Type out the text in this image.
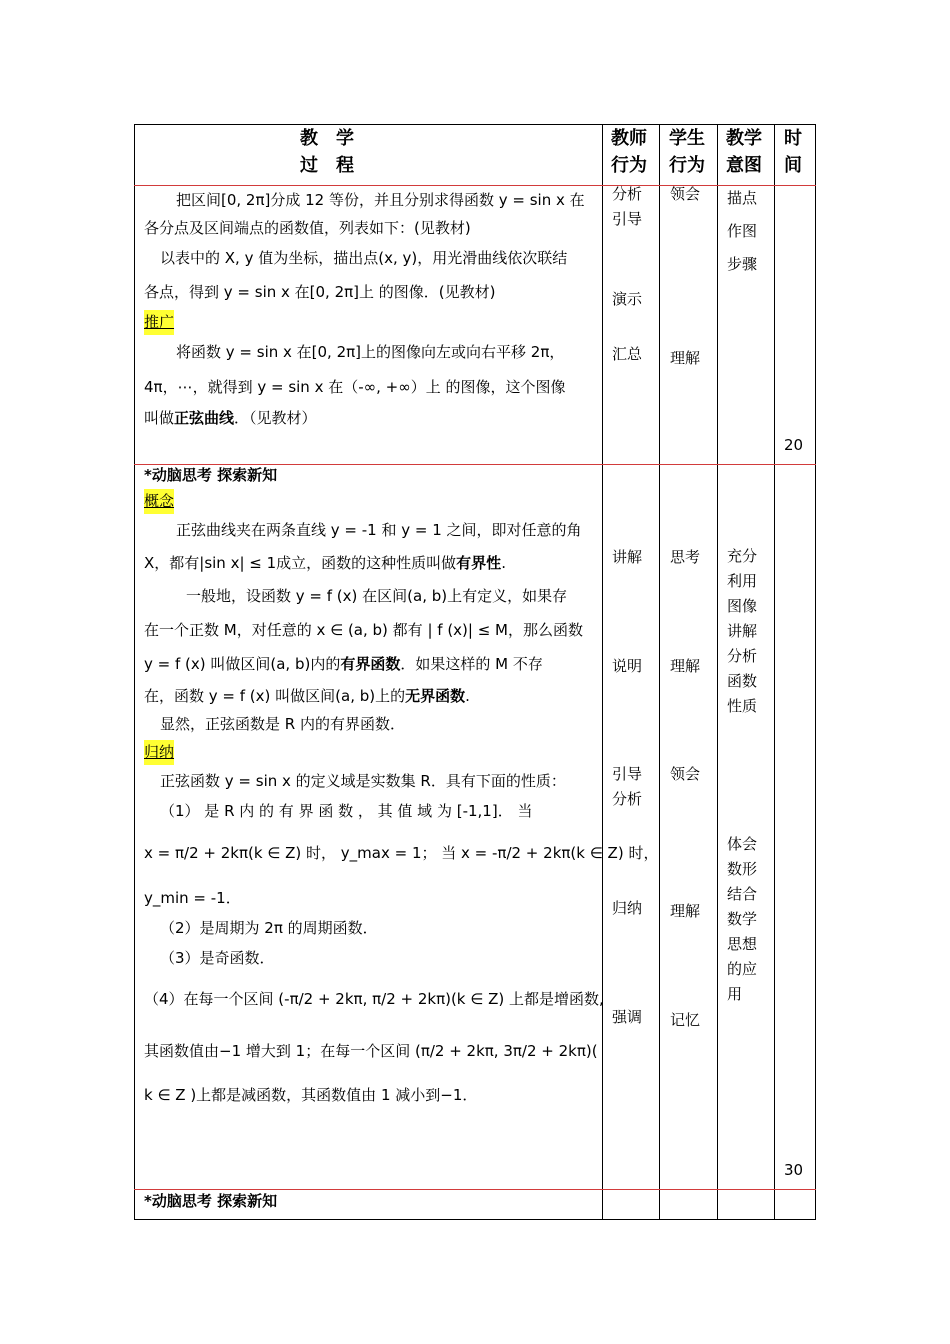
教　学
过　程
教师
行为
学生
行为
教学
意图
时
间
把区间[0, 2π]分成 12 等份，并且分别求得函数 y = sin x 在
各分点及区间端点的函数值，列表如下：(见教材)
以表中的 X, y 值为坐标，描出点(x, y)，用光滑曲线依次联结
各点，得到 y = sin x 在[0, 2π]上 的图像．(见教材)
推广
将函数 y = sin x 在[0, 2π]上的图像向左或向右平移 2π，
4π，⋯，就得到 y = sin x 在（-∞, +∞）上 的图像，这个图像
叫做正弦曲线．（见教材）
分析
引导
演示
汇总
领会
理解
描点
作图
步骤
20
*动脑思考 探索新知
概念
正弦曲线夹在两条直线 y = -1 和 y = 1 之间，即对任意的角
X，都有|sin x| ≤ 1成立，函数的这种性质叫做有界性.
一般地，设函数 y = f (x) 在区间(a, b)上有定义，如果存
在一个正数 M，对任意的 x ∈ (a, b) 都有 | f (x)| ≤ M，那么函数
y = f (x) 叫做区间(a, b)内的有界函数．如果这样的 M 不存
在，函数 y = f (x) 叫做区间(a, b)上的无界函数.
显然，正弦函数是 R 内的有界函数．
归纳
正弦函数 y = sin x 的定义域是实数集 R．具有下面的性质：
（1） 是 R 内 的 有 界 函 数 ， 其 值 域 为 [-1,1]． 当
x = π/2 + 2kπ(k ∈ Z) 时， y_max = 1； 当 x = -π/2 + 2kπ(k ∈ Z) 时，
y_min = -1．
（2）是周期为 2π 的周期函数．
（3）是奇函数．
（4）在每一个区间 (-π/2 + 2kπ, π/2 + 2kπ)(k ∈ Z) 上都是增函数,
其函数值由−1 增大到 1；在每一个区间 (π/2 + 2kπ, 3π/2 + 2kπ)(
k ∈ Z )上都是减函数，其函数值由 1 减小到−1．
讲解
说明
引导
分析
归纳
强调
思考
理解
领会
理解
记忆
充分
利用
图像
讲解
分析
函数
性质
体会
数形
结合
数学
思想
的应
用
30
*动脑思考 探索新知
